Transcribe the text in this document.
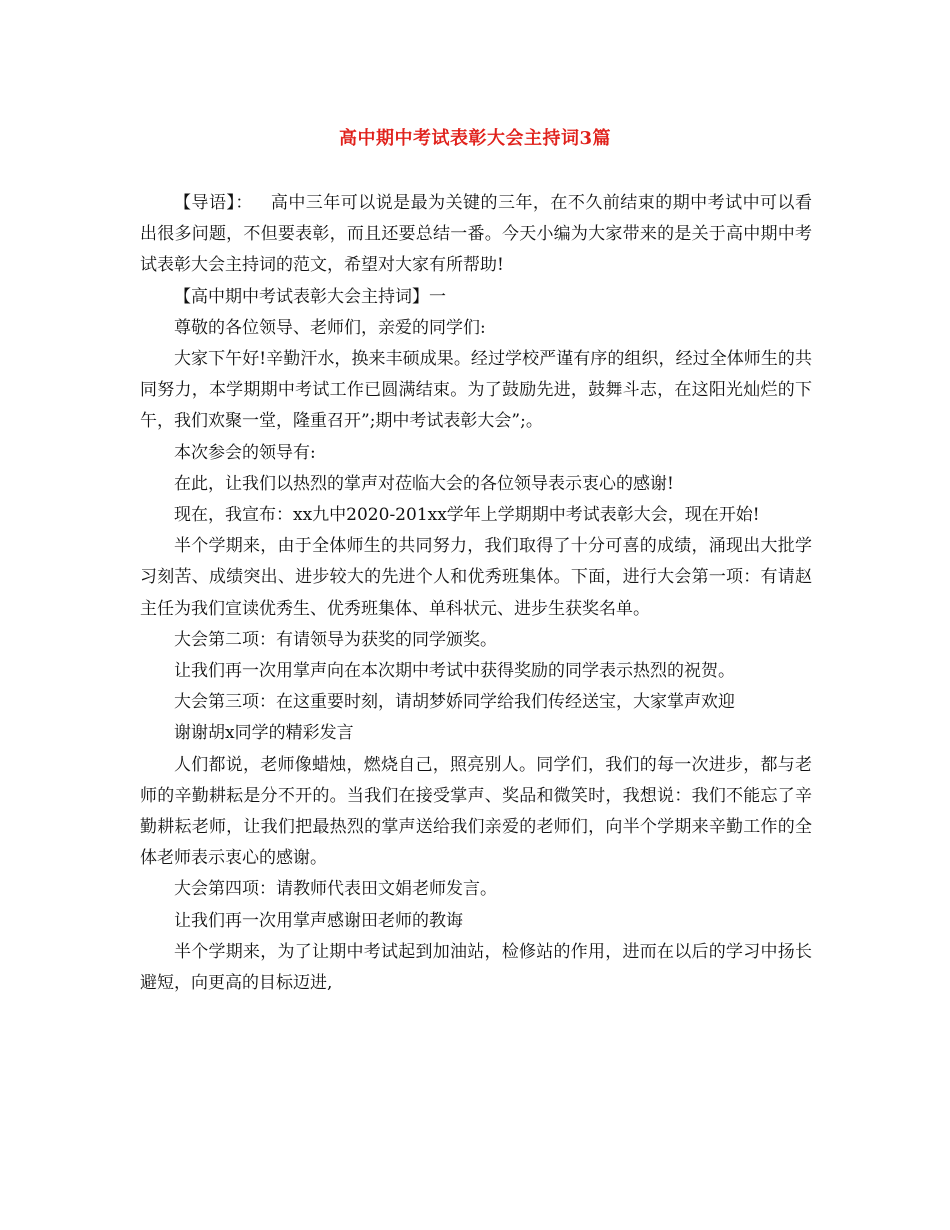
高中期中考试表彰大会主持词3篇

【导语】： 高中三年可以说是最为关键的三年，在不久前结束的期中考试中可以看出很多问题，不但要表彰，而且还要总结一番。今天小编为大家带来的是关于高中期中考试表彰大会主持词的范文，希望对大家有所帮助!

【高中期中考试表彰大会主持词】一

尊敬的各位领导、老师们，亲爱的同学们:

大家下午好!辛勤汗水，换来丰硕成果。经过学校严谨有序的组织，经过全体师生的共同努力，本学期期中考试工作已圆满结束。为了鼓励先进，鼓舞斗志，在这阳光灿烂的下午，我们欢聚一堂，隆重召开”;期中考试表彰大会”;。

本次参会的领导有:

在此，让我们以热烈的掌声对莅临大会的各位领导表示衷心的感谢!

现在，我宣布：xx九中2020-201xx学年上学期期中考试表彰大会，现在开始!

半个学期来，由于全体师生的共同努力，我们取得了十分可喜的成绩，涌现出大批学习刻苦、成绩突出、进步较大的先进个人和优秀班集体。下面，进行大会第一项：有请赵主任为我们宣读优秀生、优秀班集体、单科状元、进步生获奖名单。

大会第二项：有请领导为获奖的同学颁奖。

让我们再一次用掌声向在本次期中考试中获得奖励的同学表示热烈的祝贺。

大会第三项：在这重要时刻，请胡梦娇同学给我们传经送宝，大家掌声欢迎

谢谢胡x同学的精彩发言

人们都说，老师像蜡烛，燃烧自己，照亮别人。同学们，我们的每一次进步，都与老师的辛勤耕耘是分不开的。当我们在接受掌声、奖品和微笑时，我想说：我们不能忘了辛勤耕耘老师，让我们把最热烈的掌声送给我们亲爱的老师们，向半个学期来辛勤工作的全体老师表示衷心的感谢。

大会第四项：请教师代表田文娟老师发言。

让我们再一次用掌声感谢田老师的教诲

半个学期来，为了让期中考试起到加油站，检修站的作用，进而在以后的学习中扬长避短，向更高的目标迈进,
